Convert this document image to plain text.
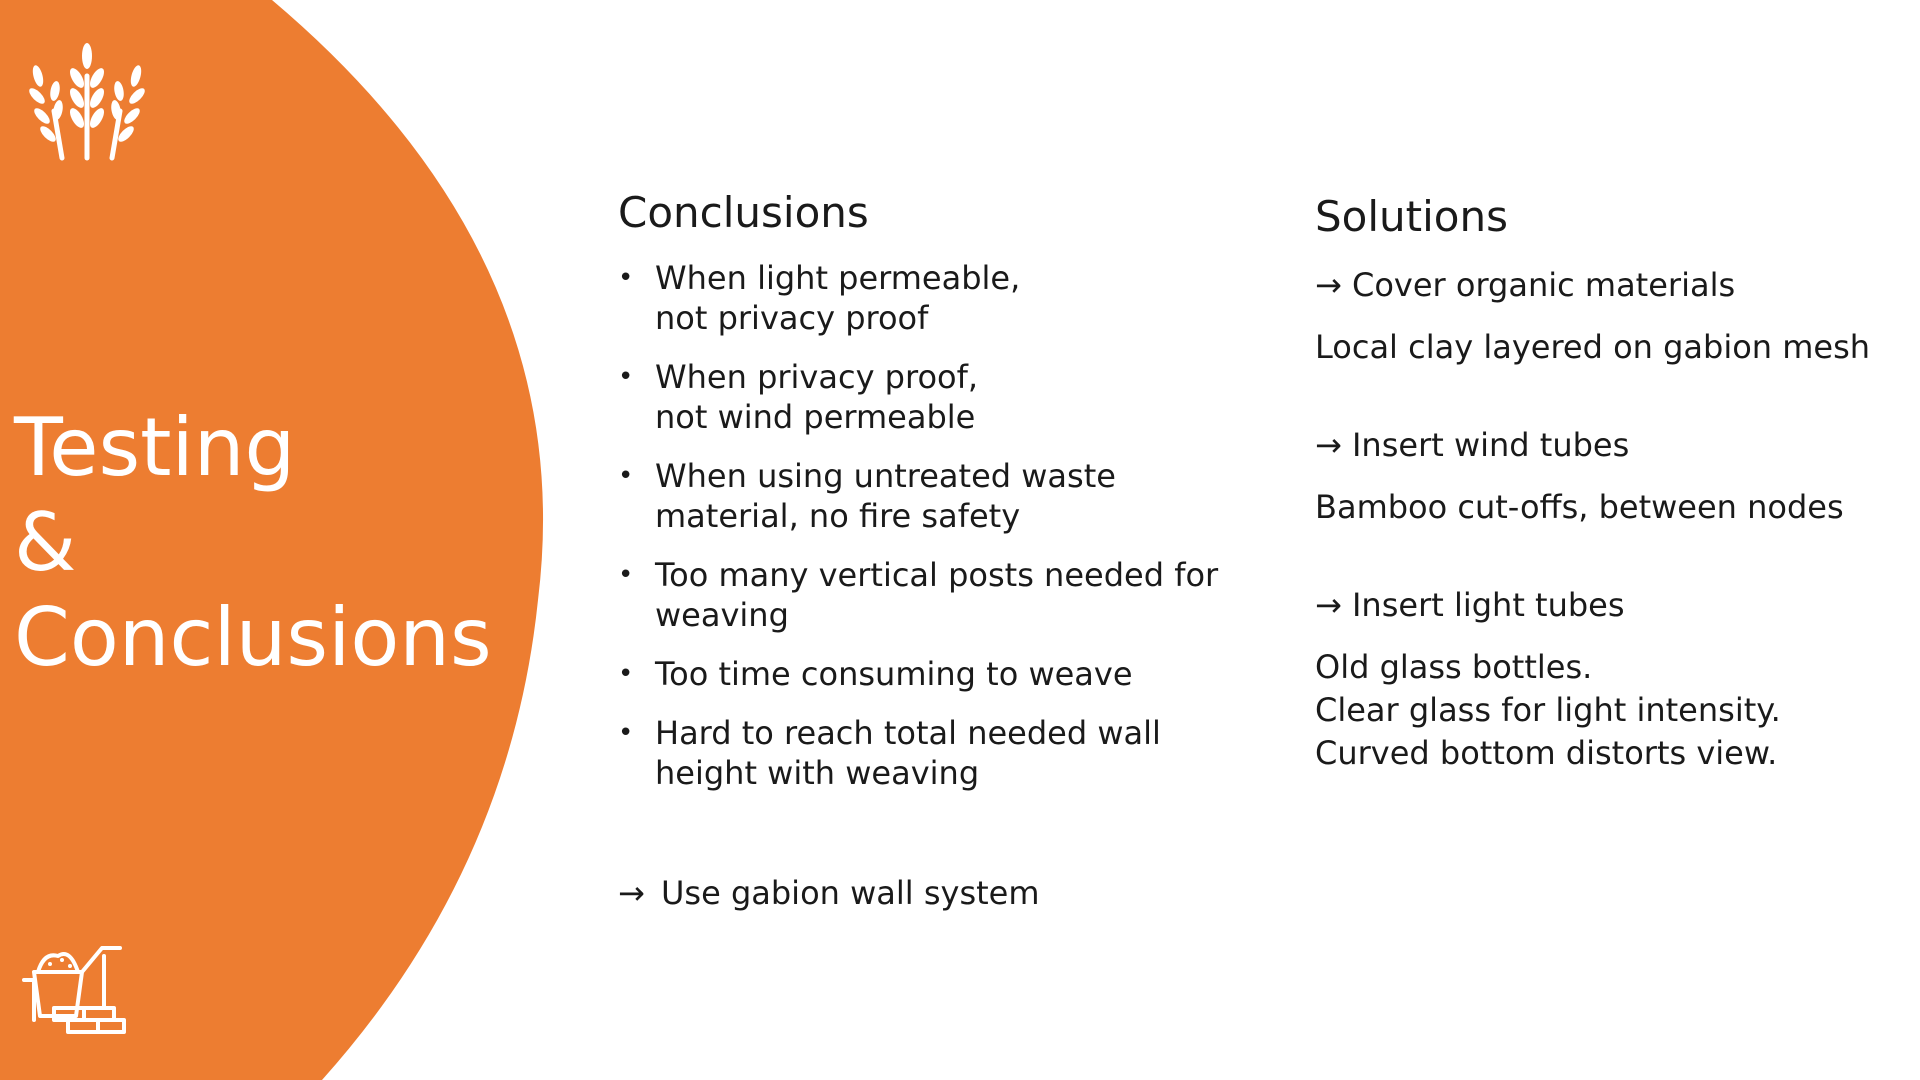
Testing
&
Conclusions
Conclusions
• When light permeable,
not privacy proof
• When privacy proof,
not wind permeable
• When using untreated waste
material, no fire safety
• Too many vertical posts needed for
weaving
• Too time consuming to weave
• Hard to reach total needed wall
height with weaving
→ Use gabion wall system
Solutions
→ Cover organic materials
Local clay layered on gabion mesh
→ Insert wind tubes
Bamboo cut-offs, between nodes
→ Insert light tubes
Old glass bottles.
Clear glass for light intensity.
Curved bottom distorts view.
